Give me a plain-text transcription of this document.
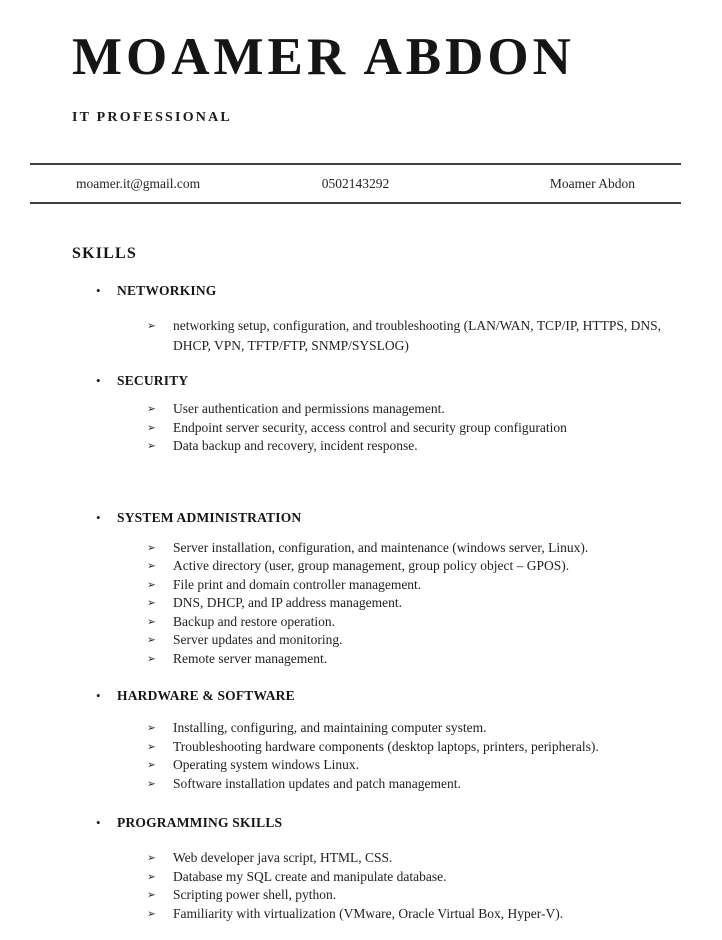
MOAMER ABDON
IT PROFESSIONAL
moamer.it@gmail.com	0502143292	Moamer Abdon
SKILLS
•	NETWORKING
➢	networking setup, configuration, and troubleshooting (LAN/WAN, TCP/IP, HTTPS, DNS, DHCP, VPN, TFTP/FTP, SNMP/SYSLOG)
•	SECURITY
➢	User authentication and permissions management.
➢	Endpoint server security, access control and security group configuration
➢	Data backup and recovery, incident response.
•	SYSTEM ADMINISTRATION
➢	Server installation, configuration, and maintenance (windows server, Linux).
➢	Active directory (user, group management, group policy object – GPOS).
➢	File print and domain controller management.
➢	DNS, DHCP, and IP address management.
➢	Backup and restore operation.
➢	Server updates and monitoring.
➢	Remote server management.
•	HARDWARE & SOFTWARE
➢	Installing, configuring, and maintaining computer system.
➢	Troubleshooting hardware components (desktop laptops, printers, peripherals).
➢	Operating system windows Linux.
➢	Software installation updates and patch management.
•	PROGRAMMING SKILLS
➢	Web developer java script, HTML, CSS.
➢	Database my SQL create and manipulate database.
➢	Scripting power shell, python.
➢	Familiarity with virtualization (VMware, Oracle Virtual Box, Hyper-V).
